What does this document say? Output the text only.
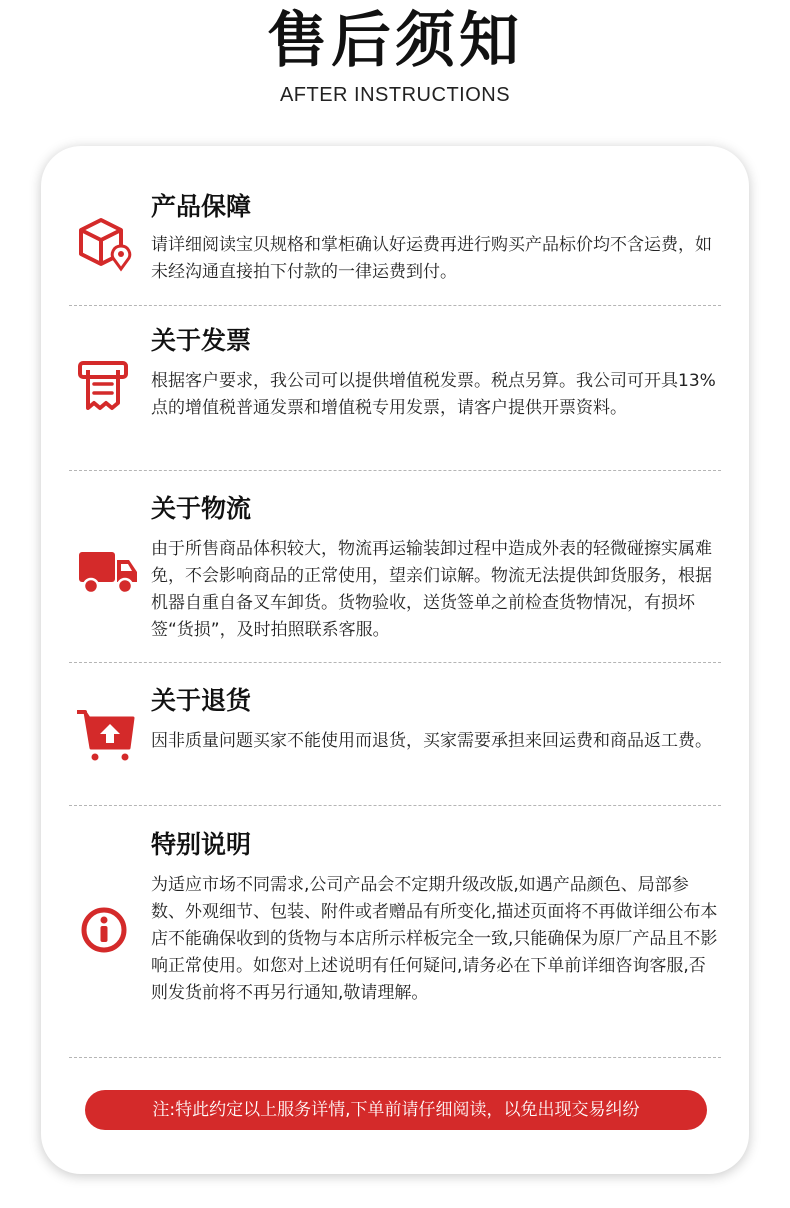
售后须知
AFTER INSTRUCTIONS
产品保障
请详细阅读宝贝规格和掌柜确认好运费再进行购买产品标价均不含运费，如未经沟通直接拍下付款的一律运费到付。
关于发票
根据客户要求，我公司可以提供增值税发票。税点另算。我公司可开具13%点的增值税普通发票和增值税专用发票，请客户提供开票资料。
关于物流
由于所售商品体积较大，物流再运输装卸过程中造成外表的轻微碰擦实属难免，不会影响商品的正常使用，望亲们谅解。物流无法提供卸货服务，根据机器自重自备叉车卸货。货物验收，送货签单之前检查货物情况，有损坏签“货损”，及时拍照联系客服。
关于退货
因非质量问题买家不能使用而退货，买家需要承担来回运费和商品返工费。
特别说明
为适应市场不同需求,公司产品会不定期升级改版,如遇产品颜色、局部参数、外观细节、包装、附件或者赠品有所变化,描述页面将不再做详细公布本店不能确保收到的货物与本店所示样板完全一致,只能确保为原厂产品且不影响正常使用。如您对上述说明有任何疑问,请务必在下单前详细咨询客服,否则发货前将不再另行通知,敬请理解。
注:特此约定以上服务详情,下单前请仔细阅读，以免出现交易纠纷
